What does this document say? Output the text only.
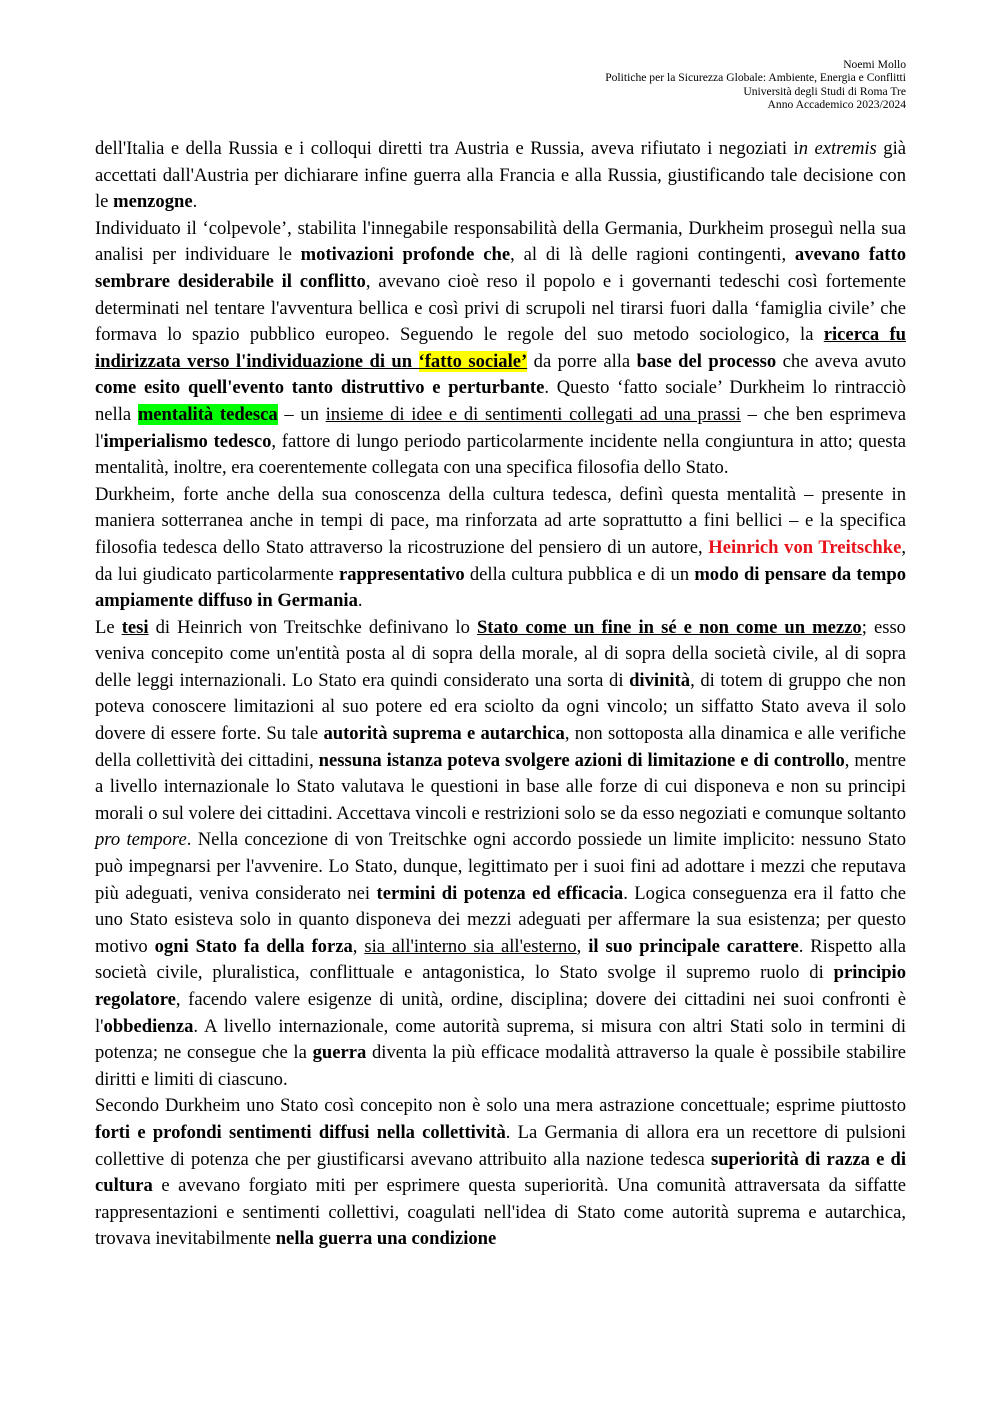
Noemi Mollo
Politiche per la Sicurezza Globale: Ambiente, Energia e Conflitti
Università degli Studi di Roma Tre
Anno Accademico 2023/2024

dell'Italia e della Russia e i colloqui diretti tra Austria e Russia, aveva rifiutato i negoziati in extremis già accettati dall'Austria per dichiarare infine guerra alla Francia e alla Russia, giustificando tale decisione con le menzogne.

Individuato il ‘colpevole’, stabilita l'innegabile responsabilità della Germania, Durkheim proseguì nella sua analisi per individuare le motivazioni profonde che, al di là delle ragioni contingenti, avevano fatto sembrare desiderabile il conflitto, avevano cioè reso il popolo e i governanti tedeschi così fortemente determinati nel tentare l'avventura bellica e così privi di scrupoli nel tirarsi fuori dalla ‘famiglia civile’ che formava lo spazio pubblico europeo. Seguendo le regole del suo metodo sociologico, la ricerca fu indirizzata verso l'individuazione di un ‘fatto sociale’ da porre alla base del processo che aveva avuto come esito quell'evento tanto distruttivo e perturbante. Questo ‘fatto sociale’ Durkheim lo rintracciò nella mentalità tedesca – un insieme di idee e di sentimenti collegati ad una prassi – che ben esprimeva l'imperialismo tedesco, fattore di lungo periodo particolarmente incidente nella congiuntura in atto; questa mentalità, inoltre, era coerentemente collegata con una specifica filosofia dello Stato.

Durkheim, forte anche della sua conoscenza della cultura tedesca, definì questa mentalità – presente in maniera sotterranea anche in tempi di pace, ma rinforzata ad arte soprattutto a fini bellici – e la specifica filosofia tedesca dello Stato attraverso la ricostruzione del pensiero di un autore, Heinrich von Treitschke, da lui giudicato particolarmente rappresentativo della cultura pubblica e di un modo di pensare da tempo ampiamente diffuso in Germania.

Le tesi di Heinrich von Treitschke definivano lo Stato come un fine in sé e non come un mezzo; esso veniva concepito come un'entità posta al di sopra della morale, al di sopra della società civile, al di sopra delle leggi internazionali. Lo Stato era quindi considerato una sorta di divinità, di totem di gruppo che non poteva conoscere limitazioni al suo potere ed era sciolto da ogni vincolo; un siffatto Stato aveva il solo dovere di essere forte. Su tale autorità suprema e autarchica, non sottoposta alla dinamica e alle verifiche della collettività dei cittadini, nessuna istanza poteva svolgere azioni di limitazione e di controllo, mentre a livello internazionale lo Stato valutava le questioni in base alle forze di cui disponeva e non su principi morali o sul volere dei cittadini. Accettava vincoli e restrizioni solo se da esso negoziati e comunque soltanto pro tempore. Nella concezione di von Treitschke ogni accordo possiede un limite implicito: nessuno Stato può impegnarsi per l'avvenire. Lo Stato, dunque, legittimato per i suoi fini ad adottare i mezzi che reputava più adeguati, veniva considerato nei termini di potenza ed efficacia. Logica conseguenza era il fatto che uno Stato esisteva solo in quanto disponeva dei mezzi adeguati per affermare la sua esistenza; per questo motivo ogni Stato fa della forza, sia all'interno sia all'esterno, il suo principale carattere. Rispetto alla società civile, pluralistica, conflittuale e antagonistica, lo Stato svolge il supremo ruolo di principio regolatore, facendo valere esigenze di unità, ordine, disciplina; dovere dei cittadini nei suoi confronti è l'obbedienza. A livello internazionale, come autorità suprema, si misura con altri Stati solo in termini di potenza; ne consegue che la guerra diventa la più efficace modalità attraverso la quale è possibile stabilire diritti e limiti di ciascuno.

Secondo Durkheim uno Stato così concepito non è solo una mera astrazione concettuale; esprime piuttosto forti e profondi sentimenti diffusi nella collettività. La Germania di allora era un recettore di pulsioni collettive di potenza che per giustificarsi avevano attribuito alla nazione tedesca superiorità di razza e di cultura e avevano forgiato miti per esprimere questa superiorità. Una comunità attraversata da siffatte rappresentazioni e sentimenti collettivi, coagulati nell'idea di Stato come autorità suprema e autarchica, trovava inevitabilmente nella guerra una condizione
